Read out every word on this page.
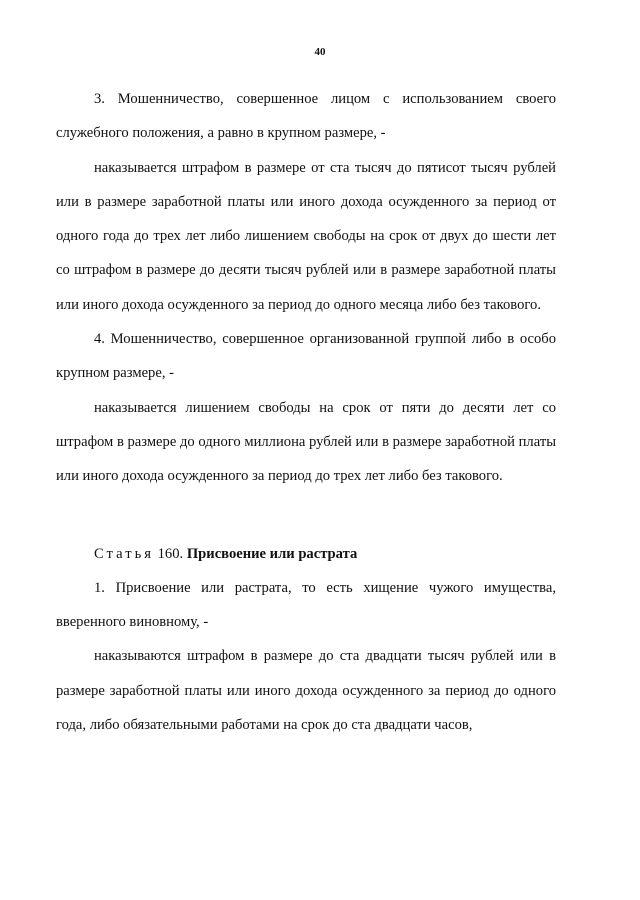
40

3. Мошенничество, совершенное лицом с использованием своего служебного положения, а равно в крупном размере, -

наказывается штрафом в размере от ста тысяч до пятисот тысяч рублей или в размере заработной платы или иного дохода осужденного за период от одного года до трех лет либо лишением свободы на срок от двух до шести лет со штрафом в размере до десяти тысяч рублей или в размере заработной платы или иного дохода осужденного за период до одного месяца либо без такового.

4. Мошенничество, совершенное организованной группой либо в особо крупном размере, -

наказывается лишением свободы на срок от пяти до десяти лет со штрафом в размере до одного миллиона рублей или в размере заработной платы или иного дохода осужденного за период до трех лет либо без такового.

Статья 160. Присвоение или растрата

1. Присвоение или растрата, то есть хищение чужого имущества, вверенного виновному, -

наказываются штрафом в размере до ста двадцати тысяч рублей или в размере заработной платы или иного дохода осужденного за период до одного года, либо обязательными работами на срок до ста двадцати часов,
